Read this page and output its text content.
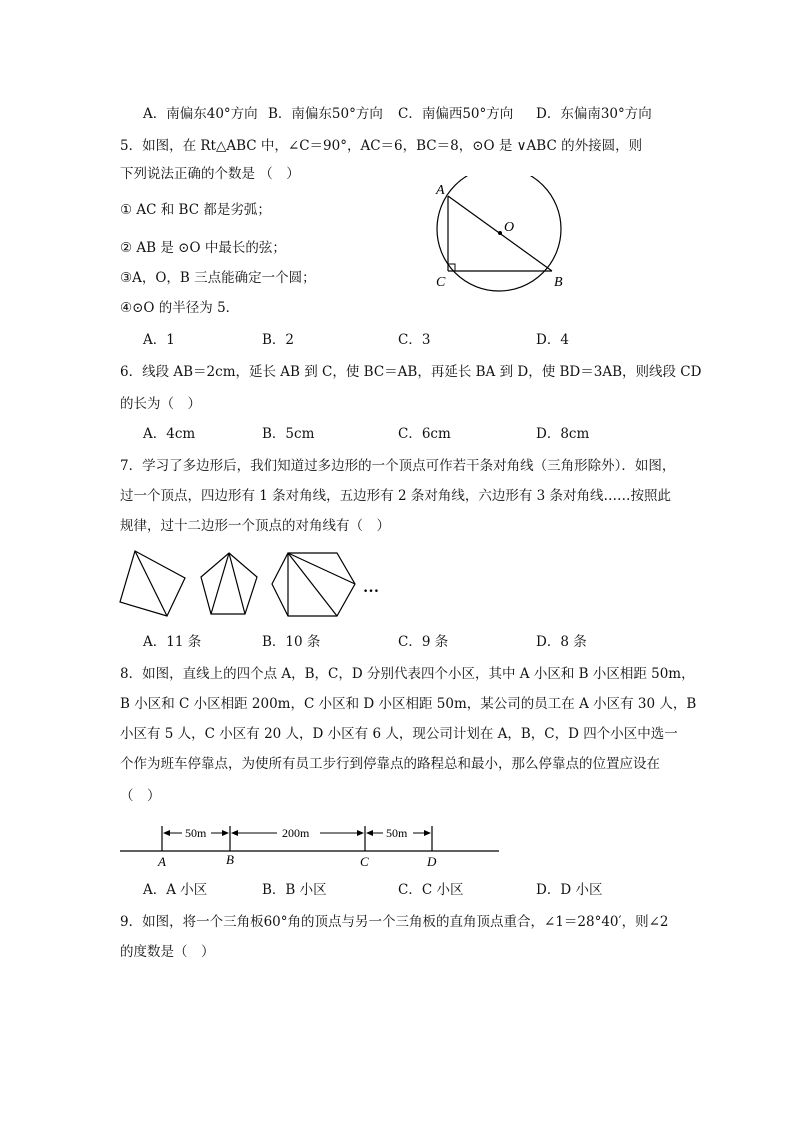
A．南偏东40°方向 B．南偏东50°方向 C．南偏西50°方向 D．东偏南30°方向
5．如图，在 Rt△ABC 中，∠C＝90°，AC＝6，BC＝8，⊙O 是 ∨ABC 的外接圆，则
下列说法正确的个数是 （　）
① AC 和 BC 都是劣弧；
② AB 是 ⊙O 中最长的弦；
③A，O，B 三点能确定一个圆；
④⊙O 的半径为 5．
A
O
C	B
A．1	B．2	C．3	D．4
6．线段 AB＝2cm，延长 AB 到 C，使 BC＝AB，再延长 BA 到 D，使 BD＝3AB，则线段 CD
的长为（　）
A．4cm	B．5cm	C．6cm	D．8cm
7．学习了多边形后，我们知道过多边形的一个顶点可作若干条对角线（三角形除外）．如图，
过一个顶点，四边形有 1 条对角线，五边形有 2 条对角线，六边形有 3 条对角线……按照此
规律，过十二边形一个顶点的对角线有（　）
…
A．11 条	B．10 条	C．9 条	D．8 条
8．如图，直线上的四个点 A，B，C，D 分别代表四个小区，其中 A 小区和 B 小区相距 50m，
B 小区和 C 小区相距 200m，C 小区和 D 小区相距 50m，某公司的员工在 A 小区有 30 人，B
小区有 5 人，C 小区有 20 人，D 小区有 6 人，现公司计划在 A，B，C，D 四个小区中选一
个作为班车停靠点，为使所有员工步行到停靠点的路程总和最小，那么停靠点的位置应设在
（　）
50m	200m	50m
A	B	C	D
A．A 小区	B．B 小区	C．C 小区	D．D 小区
9．如图，将一个三角板60°角的顶点与另一个三角板的直角顶点重合，∠1＝28°40′，则∠2
的度数是（　）
